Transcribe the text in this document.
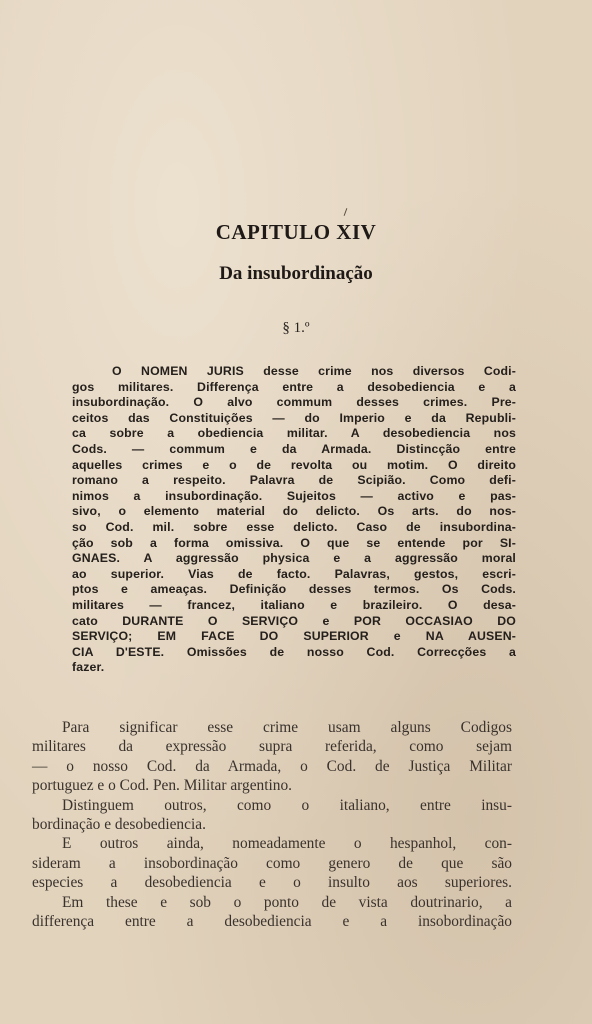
CAPITULO XIV
Da insubordinação
§ 1.º
O NOMEN JURIS desse crime nos diversos Codi-
gos militares. Differença entre a desobediencia e a
insubordinação. O alvo commum desses crimes. Pre-
ceitos das Constituições — do Imperio e da Republi-
ca sobre a obediencia militar. A desobediencia nos
Cods. — commum e da Armada. Distincção entre
aquelles crimes e o de revolta ou motim. O direito
romano a respeito. Palavra de Scipião. Como defi-
nimos a insubordinação. Sujeitos — activo e pas-
sivo, o elemento material do delicto. Os arts. do nos-
so Cod. mil. sobre esse delicto. Caso de insubordina-
ção sob a forma omissiva. O que se entende por SI-
GNAES. A aggressão physica e a aggressão moral
ao superior. Vias de facto. Palavras, gestos, escri-
ptos e ameaças. Definição desses termos. Os Cods.
militares — francez, italiano e brazileiro. O desa-
cato DURANTE O SERVIÇO e POR OCCASIAO DO
SERVIÇO; EM FACE DO SUPERIOR e NA AUSEN-
CIA D'ESTE. Omissões de nosso Cod. Correcções a
fazer.
Para significar esse crime usam alguns Codigos
militares da expressão supra referida, como sejam
— o nosso Cod. da Armada, o Cod. de Justiça Militar
portuguez e o Cod. Pen. Militar argentino.
Distinguem outros, como o italiano, entre insu-
bordinação e desobediencia.
E outros ainda, nomeadamente o hespanhol, con-
sideram a insobordinação como genero de que são
especies a desobediencia e o insulto aos superiores.
Em these e sob o ponto de vista doutrinario, a
differença entre a desobediencia e a insobordinação
